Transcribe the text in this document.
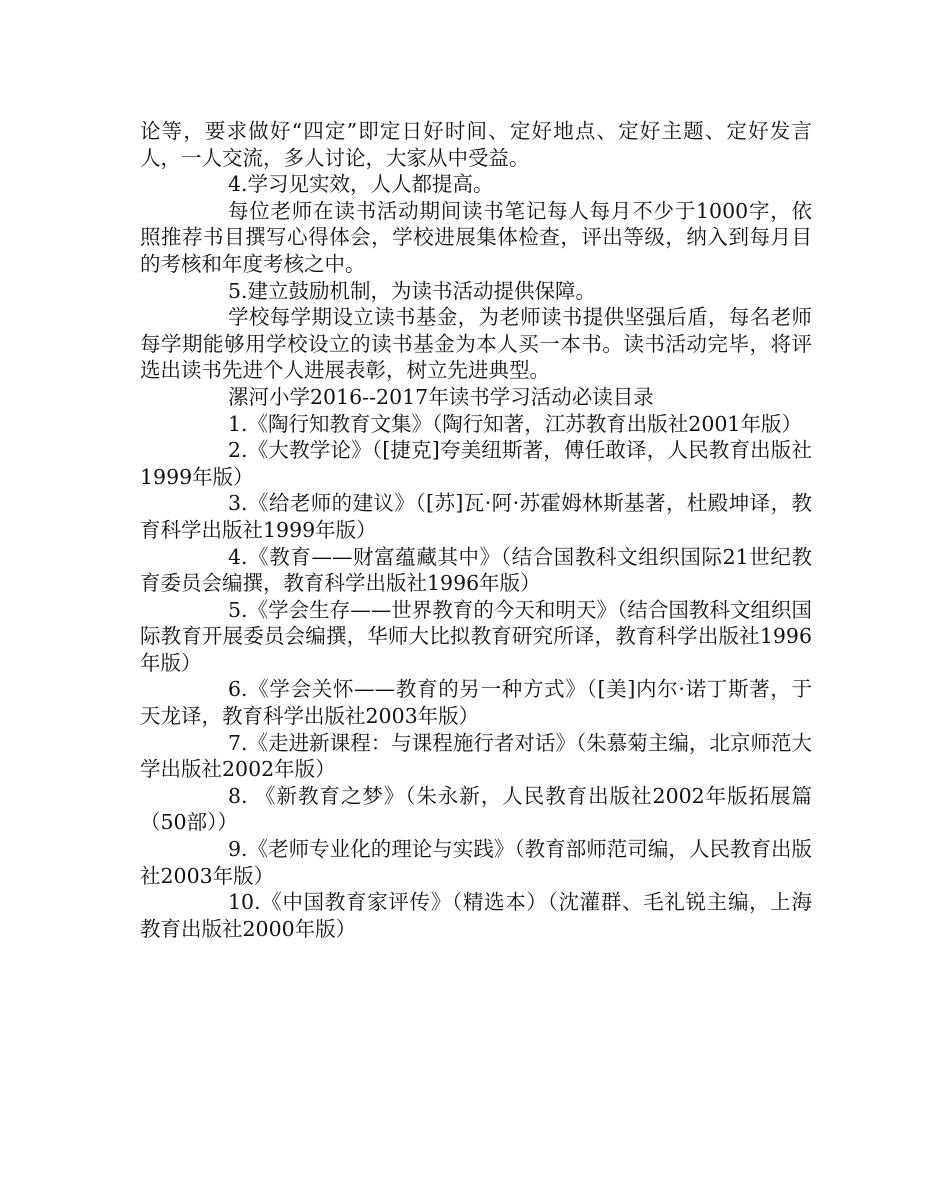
论等，要求做好“四定”即定日好时间、定好地点、定好主题、定好发言人，一人交流，多人讨论，大家从中受益。

4.学习见实效，人人都提高。

每位老师在读书活动期间读书笔记每人每月不少于1000字，依照推荐书目撰写心得体会，学校进展集体检查，评出等级，纳入到每月目的考核和年度考核之中。

5.建立鼓励机制，为读书活动提供保障。

学校每学期设立读书基金，为老师读书提供坚强后盾，每名老师每学期能够用学校设立的读书基金为本人买一本书。读书活动完毕，将评选出读书先进个人进展表彰，树立先进典型。

漯河小学2016--2017年读书学习活动必读目录

1.《陶行知教育文集》（陶行知著，江苏教育出版社2001年版）

2.《大教学论》（[捷克]夸美纽斯著，傅任敢译，人民教育出版社1999年版）

3.《给老师的建议》（[苏]瓦·阿·苏霍姆林斯基著，杜殿坤译，教育科学出版社1999年版）

4.《教育——财富蕴藏其中》（结合国教科文组织国际21世纪教育委员会编撰，教育科学出版社1996年版）

5.《学会生存——世界教育的今天和明天》（结合国教科文组织国际教育开展委员会编撰，华师大比拟教育研究所译，教育科学出版社1996年版）

6.《学会关怀——教育的另一种方式》（[美]内尔·诺丁斯著，于天龙译，教育科学出版社2003年版）

7.《走进新课程：与课程施行者对话》（朱慕菊主编，北京师范大学出版社2002年版）

8. 《新教育之梦》（朱永新，人民教育出版社2002年版拓展篇（50部））

9.《老师专业化的理论与实践》（教育部师范司编，人民教育出版社2003年版）

10.《中国教育家评传》（精选本）（沈灌群、毛礼锐主编，上海教育出版社2000年版）
